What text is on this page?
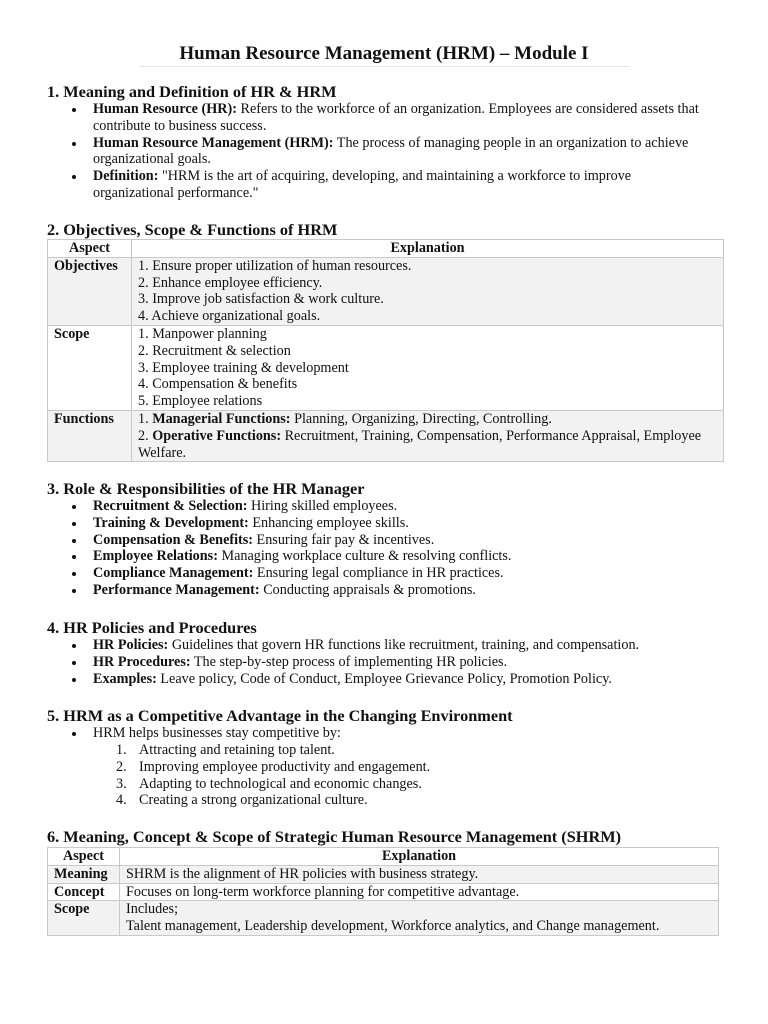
Human Resource Management (HRM) – Module I
1. Meaning and Definition of HR & HRM
Human Resource (HR): Refers to the workforce of an organization. Employees are considered assets that contribute to business success.
Human Resource Management (HRM): The process of managing people in an organization to achieve organizational goals.
Definition: "HRM is the art of acquiring, developing, and maintaining a workforce to improve organizational performance."
2. Objectives, Scope & Functions of HRM
Aspect	Explanation
Objectives	1. Ensure proper utilization of human resources.
2. Enhance employee efficiency.
3. Improve job satisfaction & work culture.
4. Achieve organizational goals.

Scope	1. Manpower planning
2. Recruitment & selection
3. Employee training & development
4. Compensation & benefits
5. Employee relations

Functions	1. Managerial Functions: Planning, Organizing, Directing, Controlling.
2. Operative Functions: Recruitment, Training, Compensation, Performance Appraisal, Employee Welfare.
3. Role & Responsibilities of the HR Manager
Recruitment & Selection: Hiring skilled employees.
Training & Development: Enhancing employee skills.
Compensation & Benefits: Ensuring fair pay & incentives.
Employee Relations: Managing workplace culture & resolving conflicts.
Compliance Management: Ensuring legal compliance in HR practices.
Performance Management: Conducting appraisals & promotions.
4. HR Policies and Procedures
HR Policies: Guidelines that govern HR functions like recruitment, training, and compensation.
HR Procedures: The step-by-step process of implementing HR policies.
Examples: Leave policy, Code of Conduct, Employee Grievance Policy, Promotion Policy.
5. HRM as a Competitive Advantage in the Changing Environment
HRM helps businesses stay competitive by:
1. Attracting and retaining top talent.
2. Improving employee productivity and engagement.
3. Adapting to technological and economic changes.
4. Creating a strong organizational culture.
6. Meaning, Concept & Scope of Strategic Human Resource Management (SHRM)
Aspect	Explanation
Meaning	SHRM is the alignment of HR policies with business strategy.
Concept	Focuses on long-term workforce planning for competitive advantage.
Scope	Includes;
Talent management, Leadership development, Workforce analytics, and Change management.
